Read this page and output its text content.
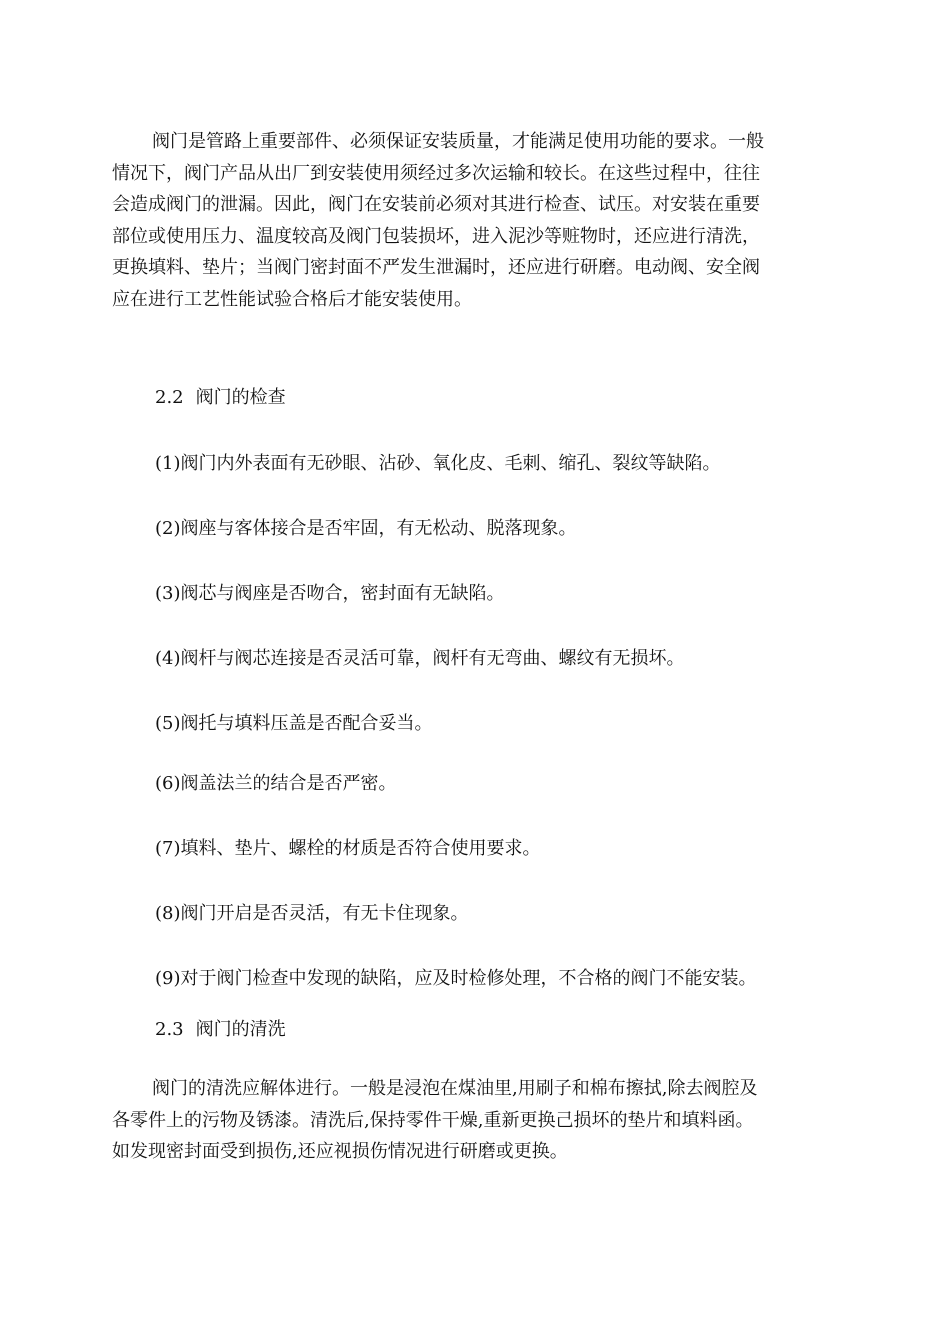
阀门是管路上重要部件、必须保证安装质量，才能满足使用功能的要求。一般
情况下，阀门产品从出厂到安装使用须经过多次运输和较长。在这些过程中，往往
会造成阀门的泄漏。因此，阀门在安装前必须对其进行检查、试压。对安装在重要
部位或使用压力、温度较高及阀门包装损坏，进入泥沙等赃物时，还应进行清洗，
更换填料、垫片；当阀门密封面不严发生泄漏时，还应进行研磨。电动阀、安全阀
应在进行工艺性能试验合格后才能安装使用。
2.2 阀门的检查
(1)阀门内外表面有无砂眼、沾砂、氧化皮、毛刺、缩孔、裂纹等缺陷。
(2)阀座与客体接合是否牢固，有无松动、脱落现象。
(3)阀芯与阀座是否吻合，密封面有无缺陷。
(4)阀杆与阀芯连接是否灵活可靠，阀杆有无弯曲、螺纹有无损坏。
(5)阀托与填料压盖是否配合妥当。
(6)阀盖法兰的结合是否严密。
(7)填料、垫片、螺栓的材质是否符合使用要求。
(8)阀门开启是否灵活，有无卡住现象。
(9)对于阀门检查中发现的缺陷，应及时检修处理，不合格的阀门不能安装。
2.3 阀门的清洗
阀门的清洗应解体进行。一般是浸泡在煤油里,用刷子和棉布擦拭,除去阀腔及
各零件上的污物及锈漆。清洗后,保持零件干燥,重新更换己损坏的垫片和填料函。
如发现密封面受到损伤,还应视损伤情况进行研磨或更换。
